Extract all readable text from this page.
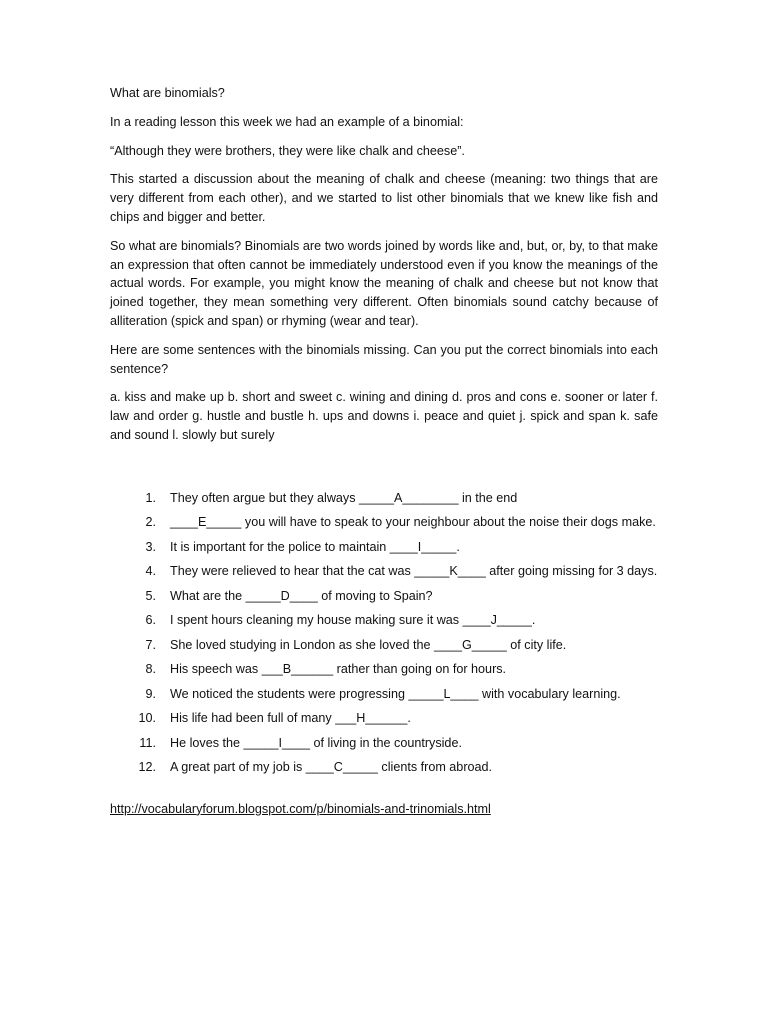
What are binomials?

In a reading lesson this week we had an example of a binomial:

“Although they were brothers, they were like chalk and cheese”.

This started a discussion about the meaning of chalk and cheese (meaning: two things that are very different from each other), and we started to list other binomials that we knew like fish and chips and bigger and better.

So what are binomials? Binomials are two words joined by words like and, but, or, by, to that make an expression that often cannot be immediately understood even if you know the meanings of the actual words. For example, you might know the meaning of chalk and cheese but not know that joined together, they mean something very different. Often binomials sound catchy because of alliteration (spick and span) or rhyming (wear and tear).

Here are some sentences with the binomials missing. Can you put the correct binomials into each sentence?

a. kiss and make up b. short and sweet c. wining and dining d. pros and cons e. sooner or later f. law and order g. hustle and bustle h. ups and downs i. peace and quiet j. spick and span k. safe and sound l. slowly but surely

1. They often argue but they always _____A________ in the end
2. ____E_____ you will have to speak to your neighbour about the noise their dogs make.
3. It is important for the police to maintain ____I_____.
4. They were relieved to hear that the cat was _____K____ after going missing for 3 days.
5. What are the _____D____ of moving to Spain?
6. I spent hours cleaning my house making sure it was ____J_____.
7. She loved studying in London as she loved the ____G_____ of city life.
8. His speech was ___B______ rather than going on for hours.
9. We noticed the students were progressing _____L____ with vocabulary learning.
10. His life had been full of many ___H______.
11. He loves the _____I____ of living in the countryside.
12. A great part of my job is ____C_____ clients from abroad.
http://vocabularyforum.blogspot.com/p/binomials-and-trinomials.html
